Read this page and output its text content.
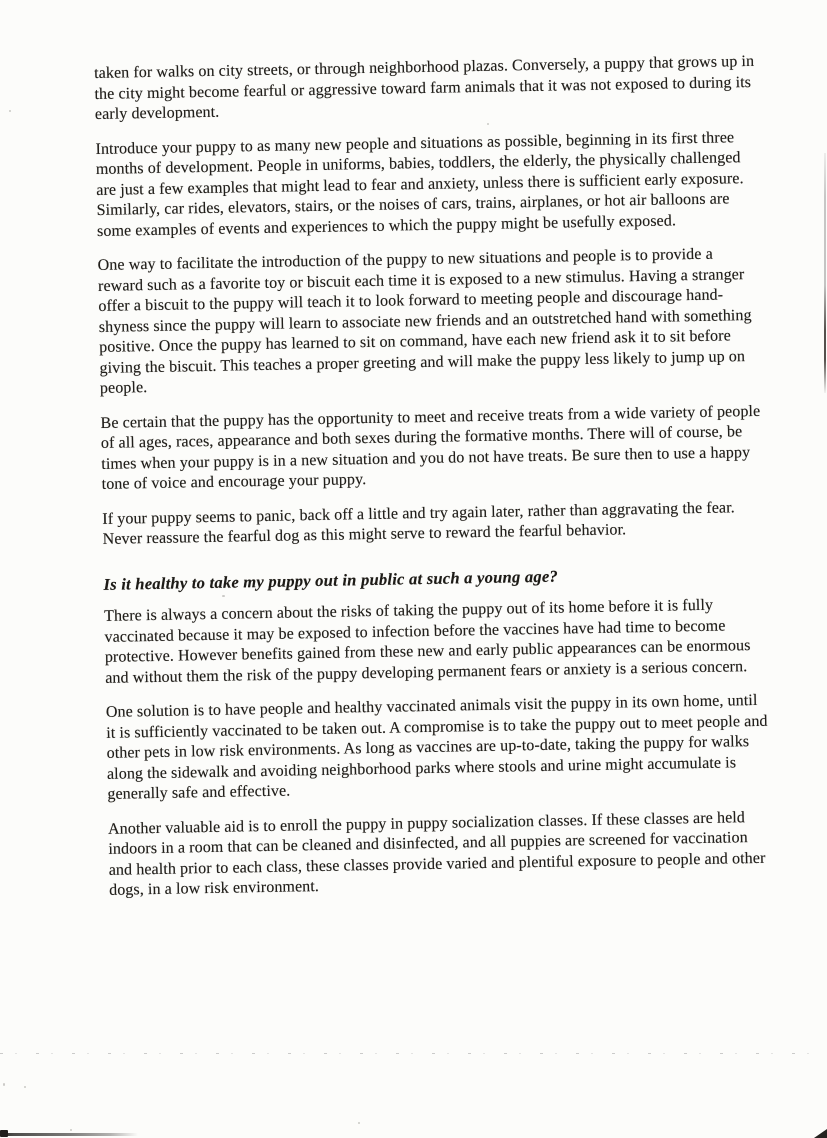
taken for walks on city streets, or through neighborhood plazas. Conversely, a puppy that grows up in the city might become fearful or aggressive toward farm animals that it was not exposed to during its early development.

Introduce your puppy to as many new people and situations as possible, beginning in its first three months of development. People in uniforms, babies, toddlers, the elderly, the physically challenged are just a few examples that might lead to fear and anxiety, unless there is sufficient early exposure. Similarly, car rides, elevators, stairs, or the noises of cars, trains, airplanes, or hot air balloons are some examples of events and experiences to which the puppy might be usefully exposed.

One way to facilitate the introduction of the puppy to new situations and people is to provide a reward such as a favorite toy or biscuit each time it is exposed to a new stimulus. Having a stranger offer a biscuit to the puppy will teach it to look forward to meeting people and discourage hand-shyness since the puppy will learn to associate new friends and an outstretched hand with something positive. Once the puppy has learned to sit on command, have each new friend ask it to sit before giving the biscuit. This teaches a proper greeting and will make the puppy less likely to jump up on people.

Be certain that the puppy has the opportunity to meet and receive treats from a wide variety of people of all ages, races, appearance and both sexes during the formative months. There will of course, be times when your puppy is in a new situation and you do not have treats. Be sure then to use a happy tone of voice and encourage your puppy.

If your puppy seems to panic, back off a little and try again later, rather than aggravating the fear. Never reassure the fearful dog as this might serve to reward the fearful behavior.

Is it healthy to take my puppy out in public at such a young age?

There is always a concern about the risks of taking the puppy out of its home before it is fully vaccinated because it may be exposed to infection before the vaccines have had time to become protective. However benefits gained from these new and early public appearances can be enormous and without them the risk of the puppy developing permanent fears or anxiety is a serious concern.

One solution is to have people and healthy vaccinated animals visit the puppy in its own home, until it is sufficiently vaccinated to be taken out. A compromise is to take the puppy out to meet people and other pets in low risk environments. As long as vaccines are up-to-date, taking the puppy for walks along the sidewalk and avoiding neighborhood parks where stools and urine might accumulate is generally safe and effective.

Another valuable aid is to enroll the puppy in puppy socialization classes. If these classes are held indoors in a room that can be cleaned and disinfected, and all puppies are screened for vaccination and health prior to each class, these classes provide varied and plentiful exposure to people and other dogs, in a low risk environment.
